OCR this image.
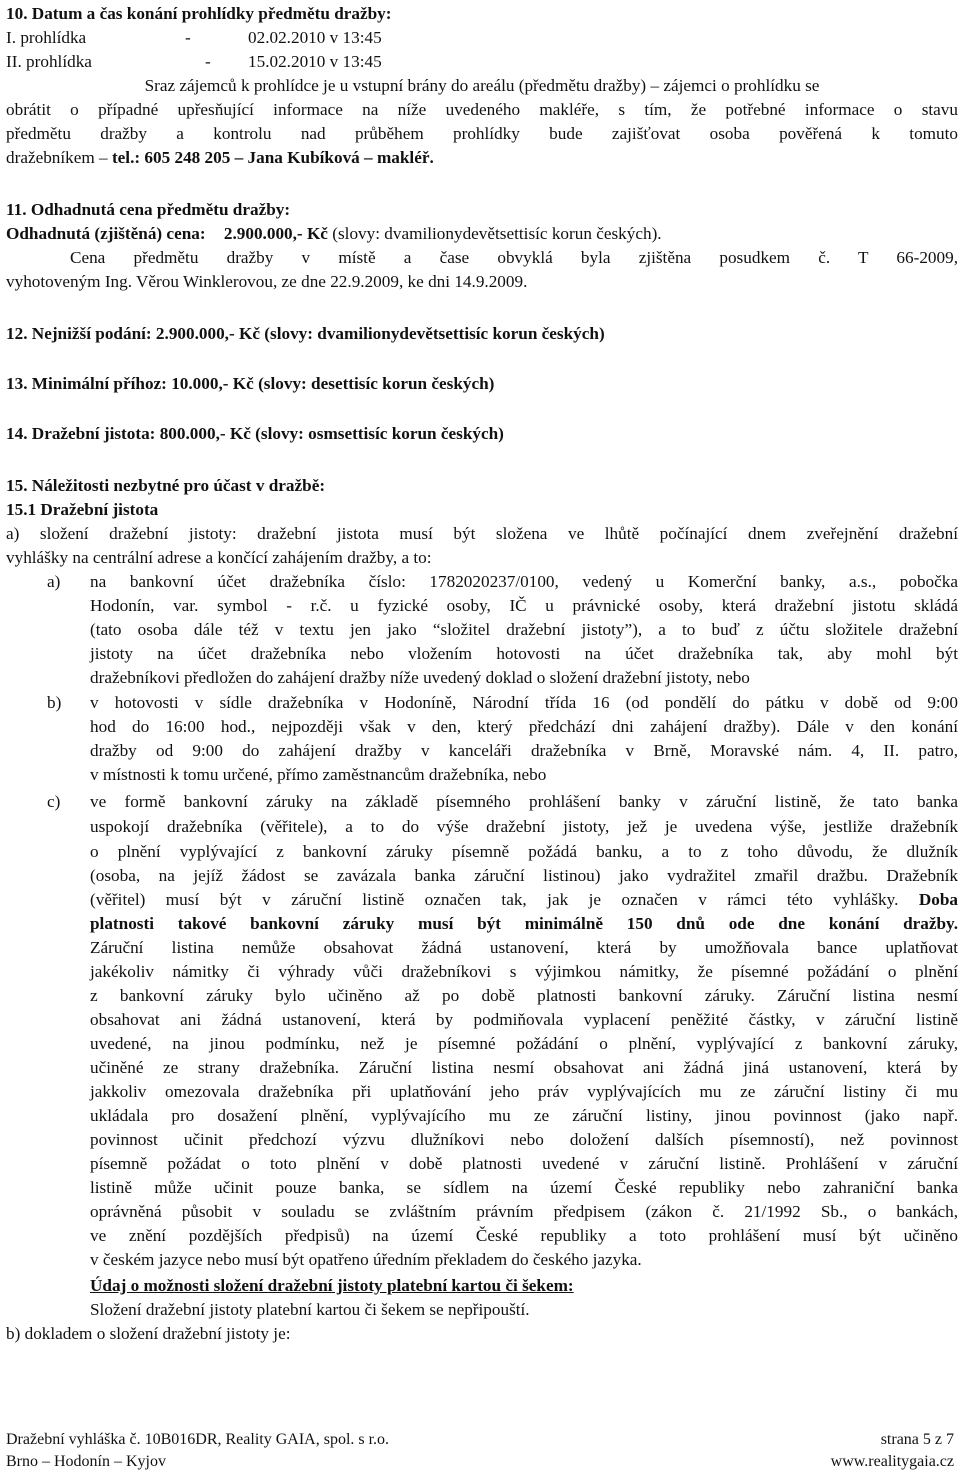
10. Datum a čas konání prohlídky předmětu dražby:
I. prohlídka	-	02.02.2010 v 13:45
II. prohlídka	- 15.02.2010 v 13:45
Sraz zájemců k prohlídce je u vstupní brány do areálu (předmětu dražby) – zájemci o prohlídku se
obrátit o případné upřesňující informace na níže uvedeného makléře, s tím, že potřebné informace o stavu
předmětu dražby a kontrolu nad průběhem prohlídky bude zajišťovat osoba pověřená k tomuto
dražebníkem – tel.: 605 248 205 – Jana Kubíková – makléř.
11. Odhadnutá cena předmětu dražby:
Odhadnutá (zjištěná) cena: 2.900.000,- Kč (slovy: dvamilionydevětsettisíc korun českých).
Cena předmětu dražby v místě a čase obvyklá byla zjištěna posudkem č. T 66-2009,
vyhotoveným Ing. Věrou Winklerovou, ze dne 22.9.2009, ke dni 14.9.2009.
12. Nejnižší podání: 2.900.000,- Kč (slovy: dvamilionydevětsettisíc korun českých)
13. Minimální příhoz: 10.000,- Kč (slovy: desettisíc korun českých)
14. Dražební jistota: 800.000,- Kč (slovy: osmsettisíc korun českých)
15. Náležitosti nezbytné pro účast v dražbě:
15.1 Dražební jistota
a) složení dražební jistoty: dražební jistota musí být složena ve lhůtě počínající dnem zveřejnění dražební
vyhlášky na centrální adrese a končící zahájením dražby, a to:
a) na bankovní účet dražebníka číslo: 1782020237/0100, vedený u Komerční banky, a.s., pobočka
Hodonín, var. symbol - r.č. u fyzické osoby, IČ u právnické osoby, která dražební jistotu skládá
(tato osoba dále též v textu jen jako “složitel dražební jistoty”), a to buď z účtu složitele dražební
jistoty na účet dražebníka nebo vložením hotovosti na účet dražebníka tak, aby mohl být
dražebníkovi předložen do zahájení dražby níže uvedený doklad o složení dražební jistoty, nebo
b) v hotovosti v sídle dražebníka v Hodoníně, Národní třída 16 (od pondělí do pátku v době od 9:00
hod do 16:00 hod., nejpozději však v den, který předchází dni zahájení dražby). Dále v den konání
dražby od 9:00 do zahájení dražby v kanceláři dražebníka v Brně, Moravské nám. 4, II. patro,
v místnosti k tomu určené, přímo zaměstnancům dražebníka, nebo
c) ve formě bankovní záruky na základě písemného prohlášení banky v záruční listině, že tato banka
uspokojí dražebníka (věřitele), a to do výše dražební jistoty, jež je uvedena výše, jestliže dražebník
o plnění vyplývající z bankovní záruky písemně požádá banku, a to z toho důvodu, že dlužník
(osoba, na jejíž žádost se zavázala banka záruční listinou) jako vydražitel zmařil dražbu. Dražebník
(věřitel) musí být v záruční listině označen tak, jak je označen v rámci této vyhlášky. Doba
platnosti takové bankovní záruky musí být minimálně 150 dnů ode dne konání dražby.
Záruční listina nemůže obsahovat žádná ustanovení, která by umožňovala bance uplatňovat
jakékoliv námitky či výhrady vůči dražebníkovi s výjimkou námitky, že písemné požádání o plnění
z bankovní záruky bylo učiněno až po době platnosti bankovní záruky. Záruční listina nesmí
obsahovat ani žádná ustanovení, která by podmiňovala vyplacení peněžité částky, v záruční listině
uvedené, na jinou podmínku, než je písemné požádání o plnění, vyplývající z bankovní záruky,
učiněné ze strany dražebníka. Záruční listina nesmí obsahovat ani žádná jiná ustanovení, která by
jakkoliv omezovala dražebníka při uplatňování jeho práv vyplývajících mu ze záruční listiny či mu
ukládala pro dosažení plnění, vyplývajícího mu ze záruční listiny, jinou povinnost (jako např.
povinnost učinit předchozí výzvu dlužníkovi nebo doložení dalších písemností), než povinnost
písemně požádat o toto plnění v době platnosti uvedené v záruční listině. Prohlášení v záruční
listině může učinit pouze banka, se sídlem na území České republiky nebo zahraniční banka
oprávněná působit v souladu se zvláštním právním předpisem (zákon č. 21/1992 Sb., o bankách,
ve znění pozdějších předpisů) na území České republiky a toto prohlášení musí být učiněno
v českém jazyce nebo musí být opatřeno úředním překladem do českého jazyka.
Údaj o možnosti složení dražební jistoty platební kartou či šekem:
Složení dražební jistoty platební kartou či šekem se nepřipouští.
b) dokladem o složení dražební jistoty je:
Dražební vyhláška č. 10B016DR, Reality GAIA, spol. s r.o.	strana 5 z 7
Brno – Hodonín – Kyjov	www.realitygaia.cz
